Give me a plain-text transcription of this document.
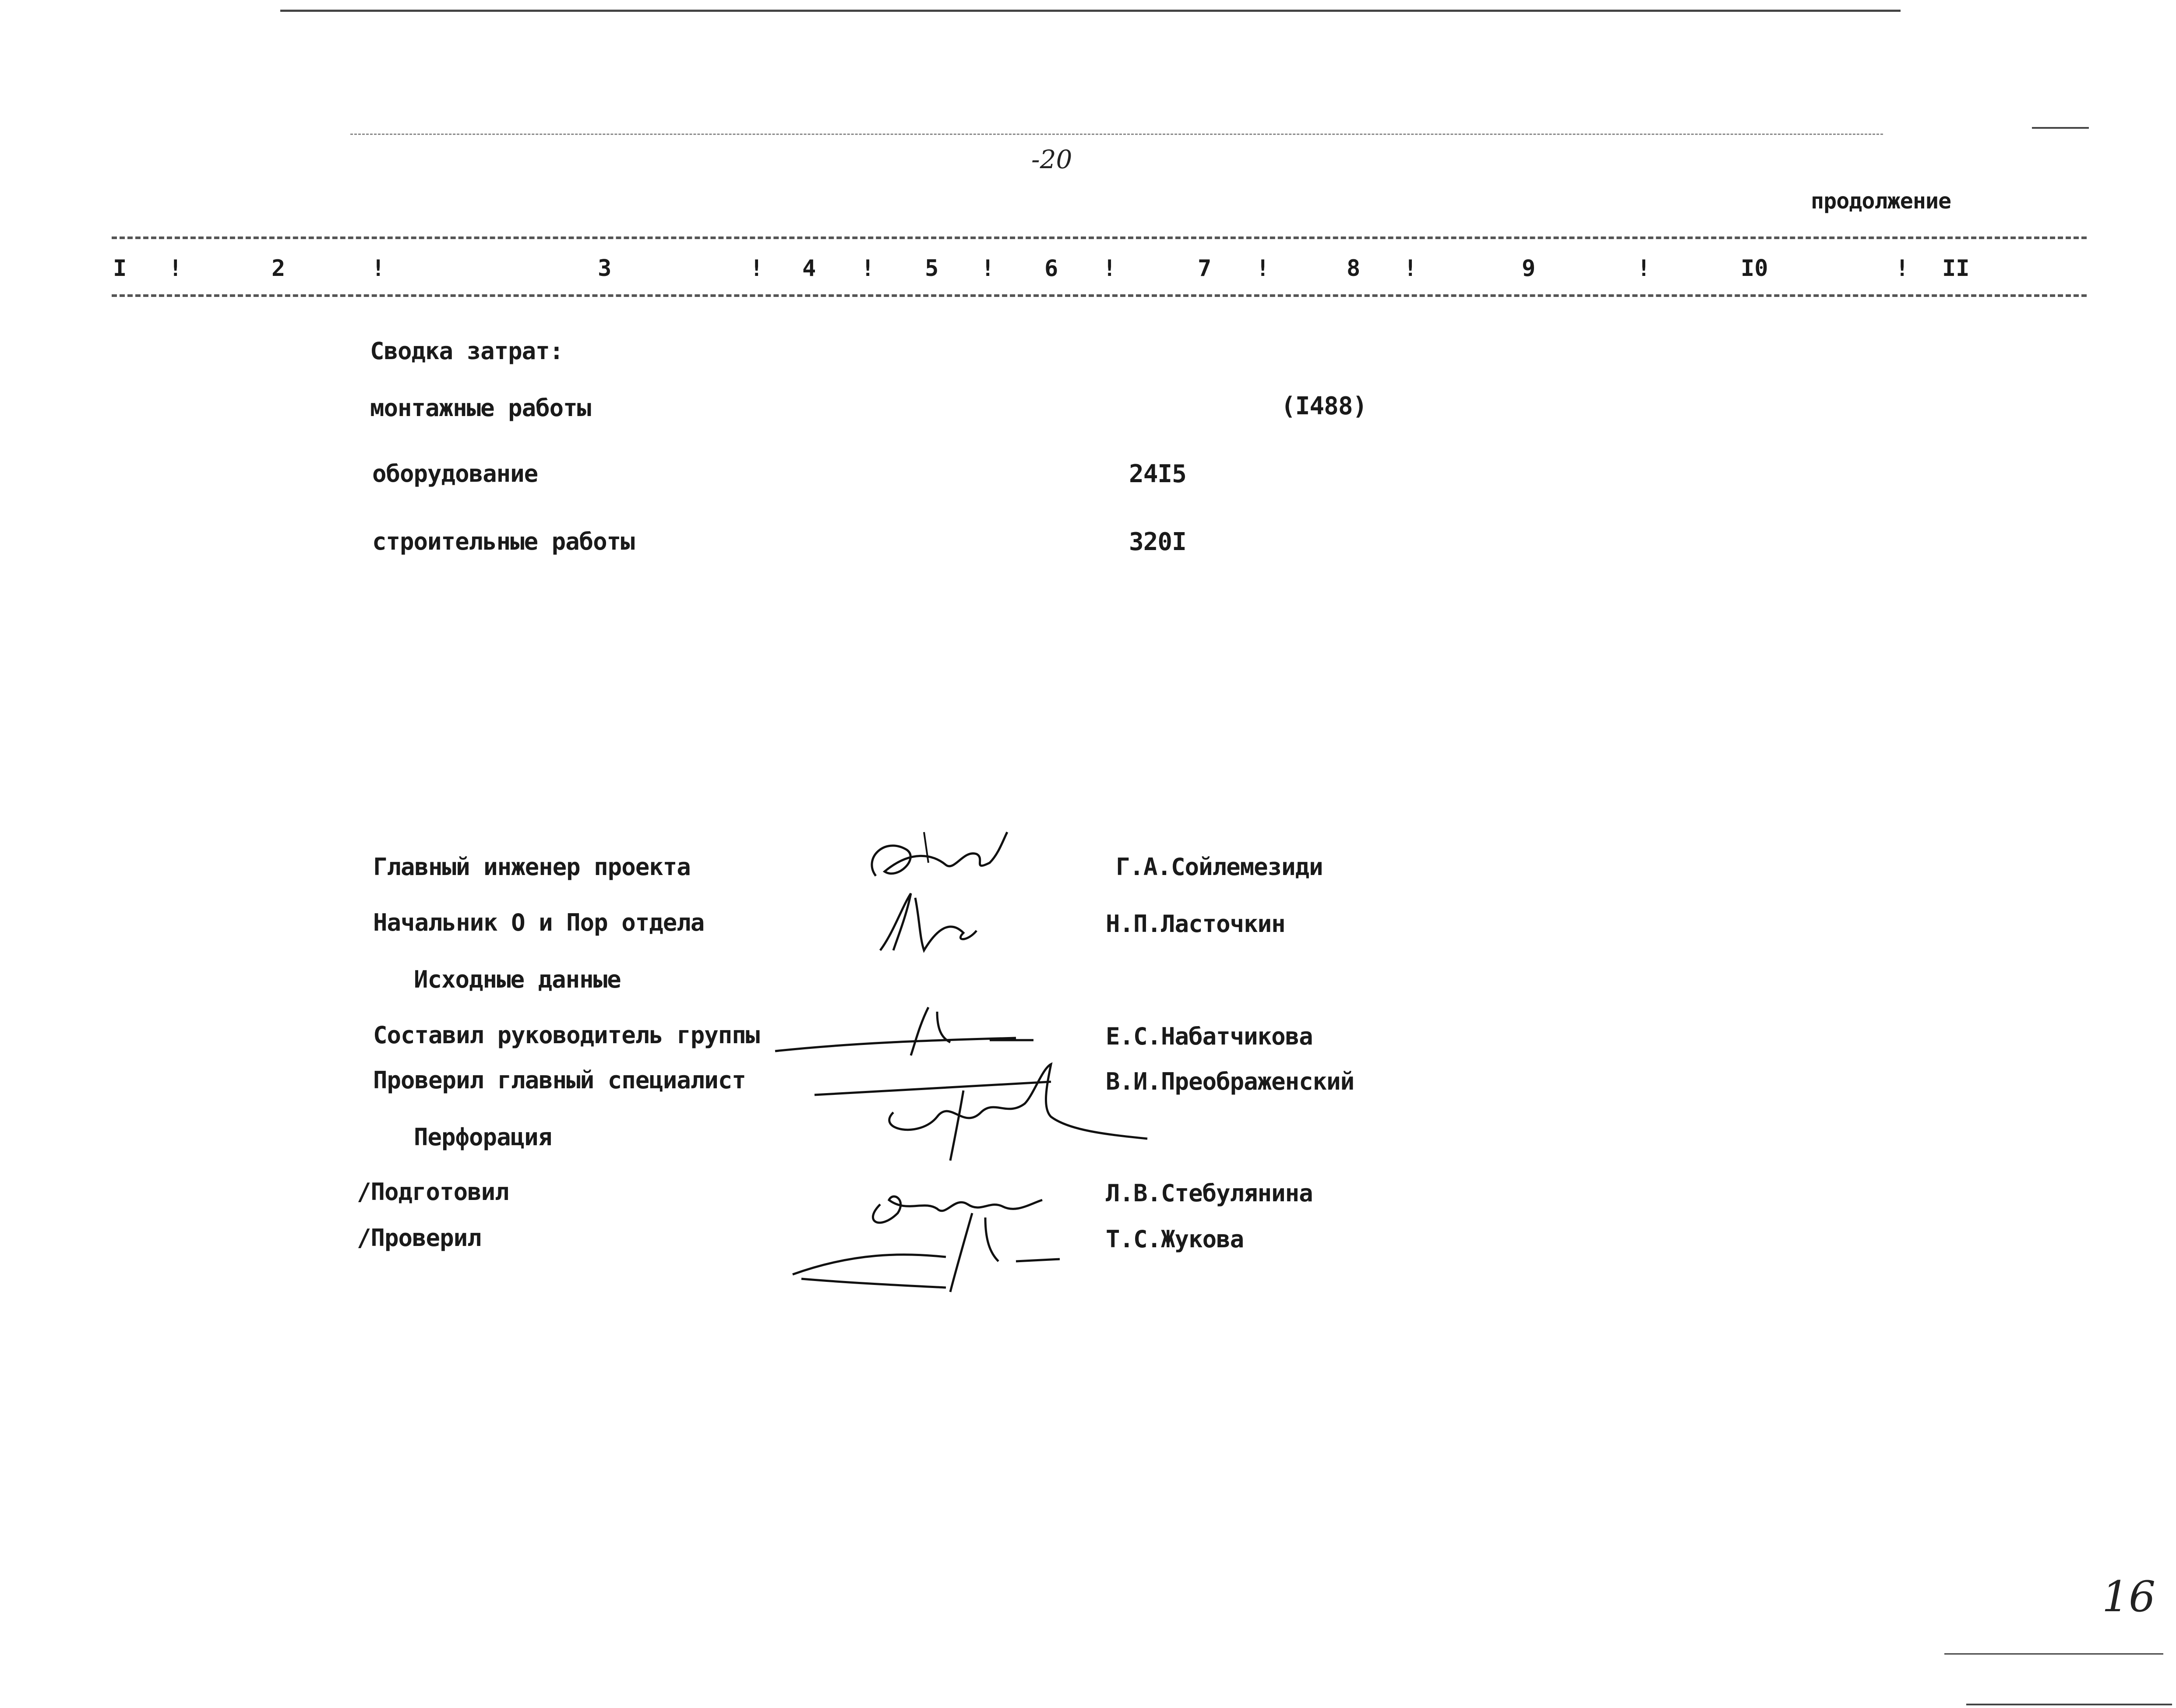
-20
продолжение
I !	2	!	3	! 4 ! 5 ! 6 !	7 !	8 !	9	!	I0	! II
Сводка затрат:
монтажные работы	(I488)
оборудование	24I5
строительные работы	320I
Главный инженер проекта	Г.А.Сойлемезиди
Начальник О и Пор отдела	Н.П.Ласточкин
Исходные данные
Составил руководитель группы	Е.С.Набатчикова
Проверил главный специалист	В.И.Преображенский
Перфорация
/Подготовил	Л.В.Стебулянина
/Проверил	Т.С.Жукова
16
